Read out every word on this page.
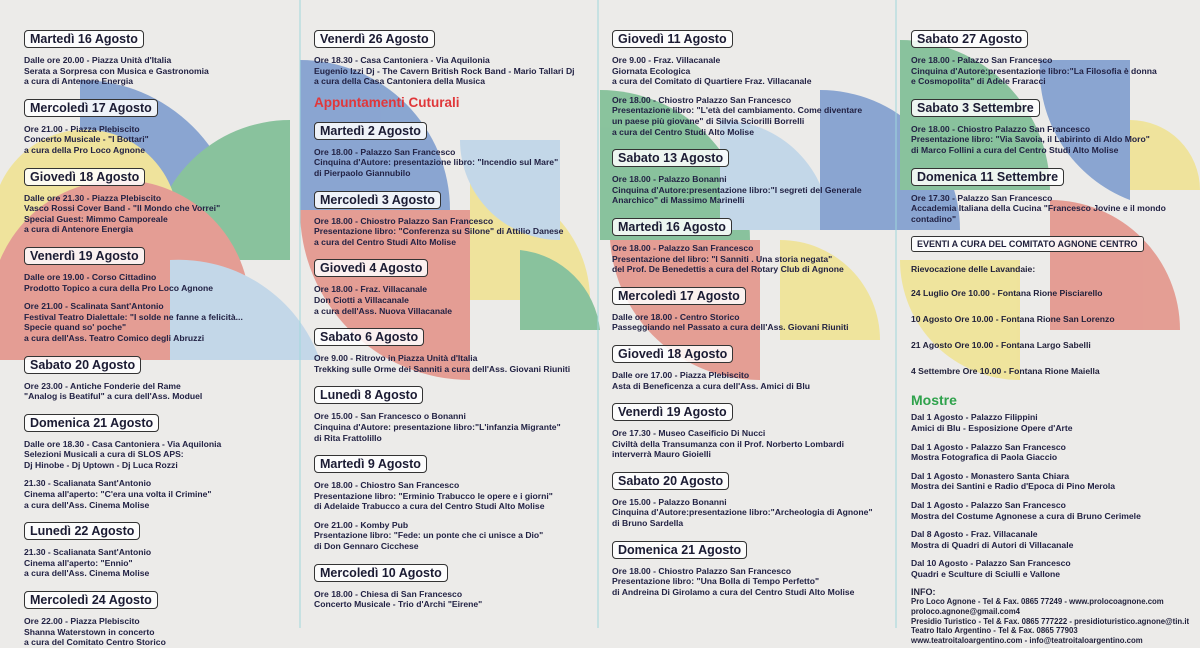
Martedì 16 Agosto
Dalle ore 20.00 - Piazza Unità d'Italia
Serata a Sorpresa con Musica e Gastronomia
a cura di Antenore Energia
Mercoledì 17 Agosto
Ore 21.00 - Piazza Plebiscito
Concerto Musicale - "I Bottari"
a cura della Pro Loco Agnone
Giovedì 18 Agosto
Dalle ore 21.30 - Piazza Plebiscito
Vasco Rossi Cover Band - "Il Mondo che Vorrei"
Special Guest: Mimmo Camporeale
a cura di Antenore Energia
Venerdì 19 Agosto
Dalle ore 19.00 - Corso Cittadino
Prodotto Topico a cura della Pro Loco Agnone
Ore 21.00 - Scalinata Sant'Antonio
Festival Teatro Dialettale: "I solde ne fanne a felicità...
Specie quand so' poche"
a cura dell'Ass. Teatro Comico degli Abruzzi
Sabato 20 Agosto
Ore 23.00 - Antiche Fonderie del Rame
"Analog is Beatiful" a cura dell'Ass. Moduel
Domenica 21 Agosto
Dalle ore 18.30 - Casa Cantoniera - Via Aquilonia
Selezioni Musicali a cura di SLOS APS:
Dj Hinobe - Dj Uptown - Dj Luca Rozzi
21.30 - Scalianata Sant'Antonio
Cinema all'aperto: "C'era una volta il Crimine"
a cura dell'Ass. Cinema Molise
Lunedì 22 Agosto
21.30 - Scalianata Sant'Antonio
Cinema all'aperto: "Ennio"
a cura dell'Ass. Cinema Molise
Mercoledì 24 Agosto
Ore 22.00 - Piazza Plebiscito
Shanna Waterstown in concerto
a cura del Comitato Centro Storico
Venerdì 26 Agosto
Ore 18.30 - Casa Cantoniera - Via Aquilonia
Eugenio Izzi Dj - The Cavern British Rock Band - Mario Tallari Dj
a cura della Casa Cantoniera della Musica
Appuntamenti Cuturali
Martedì 2 Agosto
Ore 18.00 - Palazzo San Francesco
Cinquina d'Autore: presentazione libro: "Incendio sul Mare"
di Pierpaolo Giannubilo
Mercoledì 3 Agosto
Ore 18.00 - Chiostro Palazzo San Francesco
Presentazione libro: "Conferenza su Silone" di Attilio Danese
a cura del Centro Studi Alto Molise
Giovedì 4 Agosto
Ore 18.00 - Fraz. Villacanale
Don Ciotti a Villacanale
a cura dell'Ass. Nuova Villacanale
Sabato 6 Agosto
Ore 9.00 - Ritrovo in Piazza Unità d'Italia
Trekking sulle Orme dei Sanniti a cura dell'Ass. Giovani Riuniti
Lunedì 8 Agosto
Ore 15.00 - San Francesco o Bonanni
Cinquina d'Autore: presentazione libro:"L'infanzia Migrante"
di Rita Frattolillo
Martedì 9 Agosto
Ore 18.00 - Chiostro San Francesco
Presentazione libro: "Erminio Trabucco le opere e i giorni"
di Adelaide Trabucco a cura del Centro Studi Alto Molise
Ore 21.00 - Komby Pub
Prsentazione libro: "Fede: un ponte che ci unisce a Dio"
di Don Gennaro Cicchese
Mercoledì 10 Agosto
Ore 18.00 - Chiesa di San Francesco
Concerto Musicale - Trio d'Archi "Eirene"
Giovedì 11 Agosto
Ore 9.00 - Fraz. Villacanale
Giornata Ecologica
a cura del Comitato di Quartiere Fraz. Villacanale
Ore 18.00 - Chiostro Palazzo San Francesco
Presentazione libro: "L'età del cambiamento. Come diventare
un paese più giovane" di Silvia Sciorilli Borrelli
a cura del Centro Studi Alto Molise
Sabato 13 Agosto
Ore 18.00 - Palazzo Bonanni
Cinquina d'Autore:presentazione libro:"I segreti del Generale
Anarchico" di Massimo Marinelli
Martedì 16 Agosto
Ore 18.00 - Palazzo San Francesco
Presentazione del libro: "I Sanniti . Una storia negata"
del Prof. De Benedettis a cura del Rotary Club di Agnone
Mercoledì 17 Agosto
Dalle ore 18.00 - Centro Storico
Passeggiando nel Passato a cura dell'Ass. Giovani Riuniti
Giovedì 18 Agosto
Dalle ore 17.00 - Piazza Plebiscito
Asta di Beneficenza a cura dell'Ass. Amici di Blu
Venerdì 19 Agosto
Ore 17.30 - Museo Caseificio Di Nucci
Civiltà della Transumanza con il Prof. Norberto Lombardi
interverrà Mauro Gioielli
Sabato 20 Agosto
Ore 15.00 - Palazzo Bonanni
Cinquina d'Autore:presentazione libro:"Archeologia di Agnone"
di Bruno Sardella
Domenica 21 Agosto
Ore 18.00 - Chiostro Palazzo San Francesco
Presentazione libro: "Una Bolla di Tempo Perfetto"
di Andreina Di Girolamo a cura del Centro Studi Alto Molise
Sabato 27 Agosto
Ore 18.00 - Palazzo San Francesco
Cinquina d'Autore:presentazione libro:"La Filosofia è donna
e Cosmopolita" di Adele Fraracci
Sabato 3 Settembre
Ore 18.00 - Chiostro Palazzo San Francesco
Presentazione libro: "Via Savoia, il Labirinto di Aldo Moro"
di Marco Follini a cura del Centro Studi Alto Molise
Domenica 11 Settembre
Ore 17.30 - Palazzo San Francesco
Accademia Italiana della Cucina "Francesco Jovine e il mondo
contadino"
EVENTI A CURA DEL COMITATO AGNONE CENTRO
Rievocazione delle Lavandaie:
24 Luglio Ore 10.00 - Fontana Rione Pisciarello
10 Agosto Ore 10.00 - Fontana Rione San Lorenzo
21 Agosto Ore 10.00 - Fontana Largo Sabelli
4 Settembre Ore 10.00 - Fontana Rione Maiella
Mostre
Dal 1 Agosto - Palazzo Filippini
Amici di Blu - Esposizione Opere d'Arte
Dal 1 Agosto - Palazzo San Francesco
Mostra Fotografica di Paola Giaccio
Dal 1 Agosto - Monastero Santa Chiara
Mostra dei Santini e Radio d'Epoca di Pino Merola
Dal 1 Agosto - Palazzo San Francesco
Mostra del Costume Agnonese a cura di Bruno Cerimele
Dal 8 Agosto - Fraz. Villacanale
Mostra di Quadri di Autori di Villacanale
Dal 10 Agosto - Palazzo San Francesco
Quadri e Sculture di Sciulli e Vallone
INFO:
Pro Loco Agnone - Tel & Fax. 0865 77249 - www.prolocoagnone.com
proloco.agnone@gmail.com4
Presidio Turistico - Tel & Fax. 0865 777222 - presidioturistico.agnone@tin.it
Teatro Italo Argentino - Tel & Fax. 0865 77903
www.teatroitaloargentino.com - info@teatroitaloargentino.com
